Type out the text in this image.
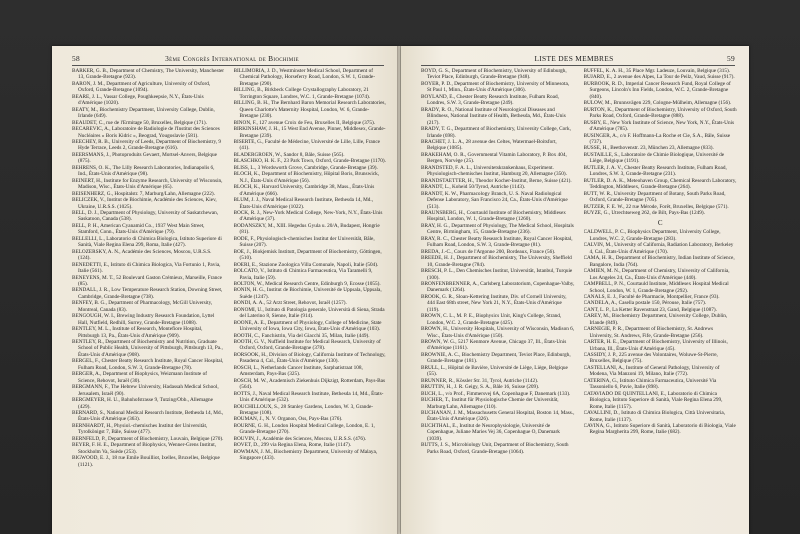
58	3ème Congrès International de Biochimie

BARKER, G. B., Department of Chemistry, The University, Manchester 13, Grande-Bretagne (923).

BARON, J. M., Department of Agriculture, University of Oxford, Oxford, Grande-Bretagne (1094).

BEARE, J. L., Vassar College, Poughkeepsie, N.Y., États-Unis d'Amérique (1020).

BEATY, M., Biochemistry Department, University College, Dublin, Irlande (649).

BEAUDET, C., rue de l'Ermitage 50, Bruxelles, Belgique (171).

BECAREVIC, A., Laboratoire de Radiologie de l'Institut des Sciences Nucléaires « Boris Kidric », Beograd, Yougoslavie (581).

BEECHEY, R. B., University of Leeds, Department of Biochemistry, 9 Hyde Terrace, Leeds 2, Grande-Bretagne (616).

BEERSMANS, J., Photoproduits Gevaert, Mortsel-Anvers, Belgique (875).

BEHRENS, O. K., The Lilly Research Laboratories, Indianapolis 6, Ind., États-Unis d'Amérique (98).

BEINERT, H., Institute for Enzyme Research, University of Wisconsin, Madison, Wisc., États-Unis d'Amérique (65).

BEISENHERZ, G., Hospitalstr. 7, Marburg/Lahn, Allemagne (222).

BELICZEK, V., Institut de Biochimie, Académie des Sciences, Kiev, Ukraine, U.R.S.S. (1025).

BELL, D. J., Department of Physiology, University of Saskatchewan, Saskatoon, Canada (538).

BELL, P. H., American Cyanamid Co., 1937 West Main Street, Stamford, Conn., États-Unis d'Amérique (79).

BELLELLI, L., Laboratorio di Chimica Biologica, Istituto Superiore di Sanità, Viale Regina Elena 299, Roma, Italie (427).

BELOZERSKY, A. N., Académie des Sciences, Moscou, U.R.S.S. (124).

BENEDETTI, E., Istituto di Chimica Biologica, Via Fortunio 1, Pavia, Italie (561).

BENEYENS, M. T., 52 Boulevard Gaston Crémieux, Marseille, France (85).

BENDALL, J. R., Low Temperature Research Station, Downing Street, Cambridge, Grande-Bretagne (738).

BENFEY, B. G., Department of Pharmacology, McGill University, Montreal, Canada (83).

BENGOUGH, W. I., Brewing Industry Research Foundation, Lyttel Hall, Nutfield, Redhill, Surrey, Grande-Bretagne (1088).

BENTLEY, M. L., Institute of Research, Montefiore Hospital, Pittsburgh 13, Pa., États-Unis d'Amérique (909).

BENTLEY, R., Department of Biochemistry and Nutrition, Graduate School of Public Health, University of Pittsburgh, Pittsburgh 13, Pa., États-Unis d'Amérique (908).

BERGEL, F., Chester Beatty Research Institute, Royal Cancer Hospital, Fulham Road, London, S.W. 3, Grande-Bretagne (78).

BERGER, A., Department of Biophysics, Weizmann Institute of Science, Rehovot, Israël (30).

BERGMANN, F., The Hebrew University, Hadassah Medical School, Jerusalem, Israël (90).

BERGMEYER, H. U., Bahnhofstrasse 9, Tutzing/Obb., Allemagne (429).

BERNARD, S., National Medical Research Institute, Bethesda 14, Md., États-Unis d'Amérique (363).

BERNHARDT, H., Physiol.-chemisches Institut der Universität, Tyrolkönigst 7, Bâle, Suisse (477).

BERNFELD, P., Department of Biochemistry, Louvain, Belgique (270).

BEYER, F. H. E., Department of Biophysics, Wenner-Grens Institut, Stockholm Va, Suède (253).

BIGWOOD, E. J., 18 rue Emile Bouilliot, Ixelles, Bruxelles, Belgique (1121).

BILLIMORIA, J. D., Westminster Medical School, Department of Chemical Pathology, Horseferry Road, London, S.W. 1, Grande-Bretagne (290).

BILLING, B., Birkbeck College Crystallography Laboratory, 21 Torrington Square, Londres, W.C. 1, Grande-Bretagne (1074).

BILLING, B. H., The Bernhard Baron Memorial Research Laboratories, Queen Charlotte's Maternity Hospital, London, W. 6, Grande-Bretagne (230).

BINON, F., 127 avenue Croix de Feu, Bruxelles II, Belgique (375).

BIRKINSHAW, J. H., 15 West End Avenue, Pinner, Middlesex, Grande-Bretagne (239).

BISERTE, G., Faculté de Médecine, Université de Lille, Lille, France (41).

BLADERGROEN, W., Sandor 8, Bâle, Suisse (565).

BLASCHKO, H. K. F., 23 Park Town, Oxford, Grande-Bretagne (1170).

BLISS, L., 3 Wordsworth Grove, Cambridge, Grande-Bretagne (39).

BLOCH, K., Department of Biochemistry, Hôpital Boris, Brunswick, N.J., États-Unis d'Amérique (56).

BLOCH, K., Harvard University, Cambridge 38, Mass., États-Unis d'Amérique (666).

BLUM, J. J., Naval Medical Research Institute, Bethesda 14, Md., États-Unis d'Amérique (1022).

BOCK, R. J., New-York Medical College, New-York, N.Y., États-Unis d'Amérique (37).

BODANSZKY, M., XIII. Hegedus Gyula u. 20/A, Budapest, Hongrie (81).

BODE, F., Physiologisch-chemisches Institut der Universität, Bâle, Suisse (207).

BOE, J., Biokjemisk Institutt, Department of Biochemistry, Göttingen, (510).

BOERI, E., Stazione Zoologica Villa Comunale, Napoli, Italie (504).

BOLCATO, V., Istituto di Chimica Farmaceutica, Via Taramelli 9, Pavia, Italie (59).

BOLTON, W., Medical Research Centre, Edinburgh 9, Ecosse (1055).

BONIN, H. G., Institut de Biochimie, Université de Uppsala, Uppsala, Suède (1247).

BONDI, A. A., 52 Arzt Street, Rehovot, Israël (1257).

BONOMI, U., Istituto di Patologia generale, Università di Siena, Strada del Laterino 8, Sienne, Italie (914).

BOONE, A. E., Department of Physiology, College of Medicine, State University of Iowa, Iowa City, Iowa, États-Unis d'Amérique (103).

BOOTH, C., Fanchistrin, Via del Giacchi 35, Milan, Italie (449).

BOOTH, G. V., Nuffield Institute for Medical Research, University of Oxford, Oxford, Grande-Bretagne (378).

BORSOOK, H., Division of Biology, California Institute of Technology, Pasadena 4, Cal., États-Unis d'Amérique (130).

BOSCH, L., Netherlands Cancer Institute, Sarphatistraat 108, Amsterdam, Pays-Bas (325).

BOSCH, M. W., Academisch Ziekenhuis Dijkzigt, Rotterdam, Pays-Bas (564).

BOTTS, J., Naval Medical Research Institute, Bethesda 14, Md., États-Unis d'Amérique (532).

BOUCHILLOUX, S., 28 Stanley Gardens, London, W. 3, Grande-Bretagne (108).

BOUMAN, J., N. V. Organon, Oss, Pays-Bas (376).

BOURNE, G. H., London Hospital Medical College, London, E. 1, Grande-Bretagne (270).

BOUVIN, J., Académie des Sciences, Moscou, U.R.S.S. (476).

BOVET, D., 299 via Regina Elena, Rome, Italie (1147).

BOWMAN, J. M., Biochemistry Department, University of Malaya, Singapore (433).

LISTE DES MEMBRES	59

BOYD, G. S., Department of Biochemistry, University of Edinburgh, Teviot Place, Edinburgh, Grande-Bretagne (948).

BOYER, P. D., Department of Biochemistry, University of Minnesota, St Paul 1, Minn., États-Unis d'Amérique (306).

BOYLAND, E., Chester Beatty Research Institute, Fulham Road, Londres, S.W. 3, Grande-Bretagne (249).

BRADY, R. O., National Institute of Neurological Diseases and Blindness, National Institute of Health, Bethesda, Md., États-Unis (217).

BRADY, T. G., Department of Biochemistry, University College, Cork, Irlande (698).

BRACHET, J. L. A., 28 avenue des Celtes, Watermael-Boitsfort, Belgique (1085).

BRAKEHAM, O. R., Governmental Vitamin Laboratory, P. Box 404, Bergen, Norvège (25).

BRANDSTED, F. A. L., Universitetskrankenhaus, Experiment. Physiologisch-chemisches Institut, Hamburg 20, Allemagne (350).

BRANDSTAETTER, H., Theodor Kocher-Institut, Berne, Suisse (421).

BRANDT, L., Koheid 50/Tyrod, Autriche (1143).

BRANDT, K. W., Pharmacology Branch, U. S. Naval Radiological Defense Laboratory, San Francisco 24, Ca., États-Unis d'Amérique (513).

BRAUNSBERG, H., Courtauld Institute of Biochemistry, Middlesex Hospital, London, W. 1, Grande-Bretagne (1260).

BRAY, H. G., Department of Physiology, The Medical School, Hospitals Centre, Birmingham, 15, Grande-Bretagne (236).

BRAY, R. C., Chester Beatty Research Institute, Royal Cancer Hospital, Fulham Road, London, S.W. 3, Grande-Bretagne (81).

BREDA, J.-C., Cours de l'Argonne 200, Bordeaux, France (56).

BREEDE, H. J., Department of Biochemistry, The University, Sheffield 10, Grande-Bretagne (784).

BRESCH, P. L., Den Chemisches Institut, Universität, Istanbul, Turquie (100).

BRONFENBRENNER, A., Carlsberg Laboratorium, Copenhague-Valby, Danemark (1264).

BROOK, G. R., Sloan-Kettering Institute, Div. of Cornell University, 444 East 68th street, New York 21, N.Y., États-Unis d'Amérique (119).

BROWN, C. L., M. P. E., Biophysics Unit, King's College, Strand, London, W.C. 2, Grande-Bretagne (425).

BROWN, H., University Hospitals, University of Wisconsin, Madison 6, Wisc., États-Unis d'Amérique (150).

BROWN, W. G., 5217 Kenmore Avenue, Chicago 37, Ill., États-Unis d'Amérique (1161).

BROWNIE, A. C., Biochemistry Department, Teviot Place, Edinburgh, Grande-Bretagne (181).

BRULL, L., Hôpital de Bavière, Université de Liège, Liège, Belgique (55).

BRUNNER, R., Kössler Str. 31, Tyrol, Autriche (1142).

BRUTTIN, H., J. R. Geigy, S. A., Bâle 16, Suisse (209).

BUCH, L., v/o Prof., Fimmersvej 6A, Copenhague F, Danemark (133).

BUCHER, T., Institut für Physiologische Chemie der Universität, Marburg/Lahn, Allemagne (110).

BUCHANAN, J. M., Massachusetts General Hospital, Boston 14, Mass., États-Unis d'Amérique (326).

BUCHTHAL, E., Institut de Neurophysiologie, Université de Copenhague, Juliane Maries Vej 36, Copenhague O, Danemark (1039).

BUTTS, J. S., Microbiology Unit, Department of Biochemistry, South Parks Road, Oxford, Grande-Bretagne (1064).

BUFFEL, K. A. H., 35 Place Mgr. Ladeuze, Louvain, Belgique (315).

BUJARD, E., 2 avenue des Alpes, La Tour de Peilz, Vaud, Suisse (917).

BURBOOK, R. D., Imperial Cancer Research Fund, Royal College of Surgeons, Lincoln's Inn Fields, London, W.C. 2, Grande-Bretagne (840).

BULOW, M., Brunnsvägen 229, Cologne-Mülheim, Allemagne (156).

BURTON, K., Department of Biochemistry, University of Oxford, South Parks Road, Oxford, Grande-Bretagne (888).

BUSBY, E., New York Institute of Science, New York, N.Y., États-Unis d'Amérique (785).

BUSINGER, A., c/o F. Hoffmann-La Roche et Cie, S.A., Bâle, Suisse (737).

BUSSE, H., Beethovenstr. 23, München 23, Allemagne (833).

BUSTAILLE, S., Laboratoire de Chimie Biologique, Université de Liège, Belgique (1191).

BUTLER, J. A. V., Chester Beatty Research Institute, Fulham Road, Londres, S.W. 3, Grande-Bretagne (231).

BUTLER, D. A. K., Meteohaven Group, Chemical Research Laboratory, Teddington, Middlesex, Grande-Bretagne (264).

BUTT, W. R., University Department of Botany, South Parks Road, Oxford, Grande-Bretagne (705).

BUTZER, F. E. W., 22 rue Mérode, Forêt, Bruxelles, Belgique (571).

BUYZE, G., Utrechtseweg 262, de Bilt, Pays-Bas (1249).

C

CALDWELL, P. C., Biophysics Department, University College, Londres, W.C. 2, Grande-Bretagne (283).

CALVIN, M., University of California, Radiation Laboratory, Berkeley 4, Cal., États-Unis d'Amérique (170).

CAMA, H. R., Department of Biochemistry, Indian Institute of Science, Bangalore, India (764).

CAMIEN, M. N., Department of Chemistry, University of California, Los Angeles 24, Ca., États-Unis d'Amérique (440).

CAMPBELL, P. N., Courtauld Institute, Middlesex Hospital Medical School, London, W. 1, Grande-Bretagne (292).

CANALS, E. J., Faculté de Pharmacie, Montpellier, France (93).

CANDELA, A., Casella postale 150, Pérouse, Italie (757).

CANT, L. P., La Ketter Ravenstraat 23, Gand, Belgique (1087).

CAREY, M., Biochemistry Department, University College, Dublin, Irlande (849).

CARNEGIE, P. R., Department of Biochemistry, St. Andrews University, St. Andrews, Fife, Grande-Bretagne (256).

CARTER, H. E., Department of Biochemistry, University of Illinois, Urbana, Ill., États-Unis d'Amérique (45).

CASSIDY, J. P., 225 avenue des Volontaires, Woluwe-St-Pierre, Bruxelles, Belgique (75).

CASTELLANI, A., Institute of General Pathology, University of Modena, Via Manzoni 19, Milano, Italie (772).

CATERINA, G., Istituto Chimica Farmaceutica, Université Via Tassoniello 6, Pavie, Italie (898).

CATAVIADO DE QUINTELLANI, E., Laboratorio di Chimica Biologica, Istituto Superiore di Sanità, Viale Regina Elena 299, Rome, Italie (1157).

CAVALLINI, D., Istituto di Chimica Biologica, Città Universitaria, Rome, Italie (1137).

CAVINA, G., Istituto Superiore di Sanità, Laboratorio di Biologia, Viale Regina Margherita 299, Rome, Italie (682).
